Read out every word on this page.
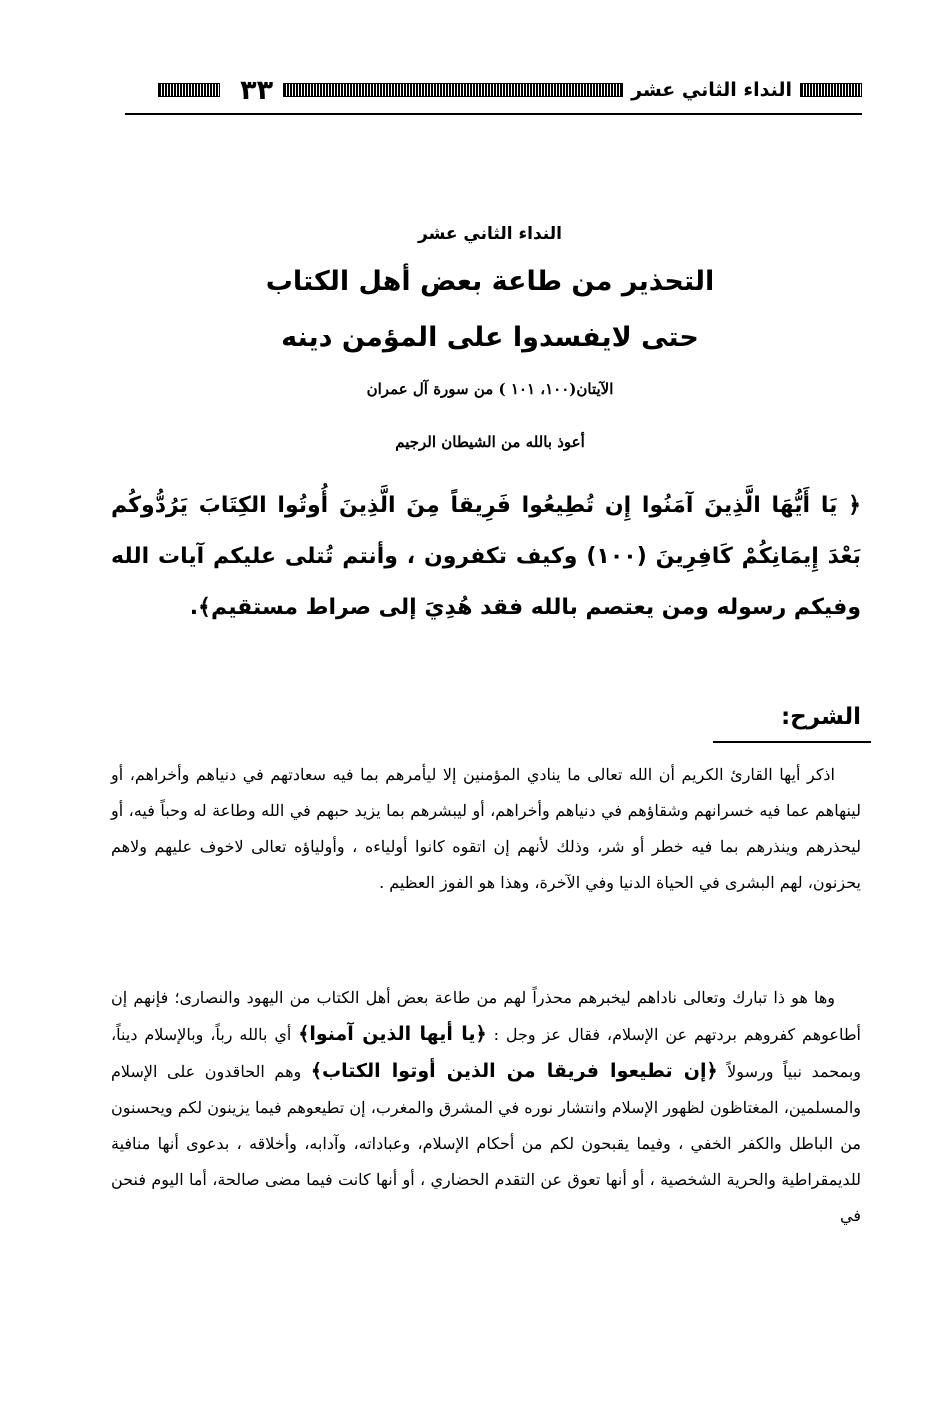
النداء الثاني عشر
٣٣
النداء الثاني عشر
التحذير من طاعة بعض أهل الكتاب
حتى لايفسدوا على المؤمن دينه
الآيتان(١٠٠، ١٠١ ) من سورة آل عمران
أعوذ بالله من الشيطان الرجيم
﴿ يَا أَيُّهَا الَّذِينَ آمَنُوا إِن تُطِيعُوا فَرِيقاً مِنَ الَّذِينَ أُوتُوا الكِتَابَ يَرُدُّوكُم بَعْدَ إِيمَانِكُمْ كَافِرِينَ (١٠٠) وكيف تكفرون ، وأنتم تُتلى عليكم آيات الله وفيكم رسوله ومن يعتصم بالله فقد هُدِيَ إلى صراط مستقيم﴾.
الشرح:
اذكر أيها القارئ الكريم أن الله تعالى ما ينادي المؤمنين إلا ليأمرهم بما فيه سعادتهم في دنياهم وأخراهم، أو لينهاهم عما فيه خسرانهم وشقاؤهم في دنياهم وأخراهم، أو ليبشرهم بما يزيد حبهم في الله وطاعة له وحباً فيه، أو ليحذرهم وينذرهم بما فيه خطر أو شر، وذلك لأنهم إن اتقوه كانوا أولياءه ، وأولياؤه تعالى لاخوف عليهم ولاهم يحزنون، لهم البشرى في الحياة الدنيا وفي الآخرة، وهذا هو الفوز العظيم .
وها هو ذا تبارك وتعالى ناداهم ليخبرهم محذراً لهم من طاعة بعض أهل الكتاب من اليهود والنصارى؛ فإنهم إن أطاعوهم كفروهم بردتهم عن الإسلام، فقال عز وجل : ﴿يا أيها الذين آمنوا﴾ أي بالله رباً، وبالإسلام ديناً، وبمحمد نبياً ورسولاً ﴿إن تطيعوا فريقا من الذين أوتوا الكتاب﴾ وهم الحاقدون على الإسلام والمسلمين، المغتاظون لظهور الإسلام وانتشار نوره في المشرق والمغرب، إن تطيعوهم فيما يزينون لكم ويحسنون من الباطل والكفر الخفي ، وفيما يقبحون لكم من أحكام الإسلام، وعباداته، وآدابه، وأخلاقه ، بدعوى أنها منافية للديمقراطية والحرية الشخصية ، أو أنها تعوق عن التقدم الحضاري ، أو أنها كانت فيما مضى صالحة، أما اليوم فنحن في
